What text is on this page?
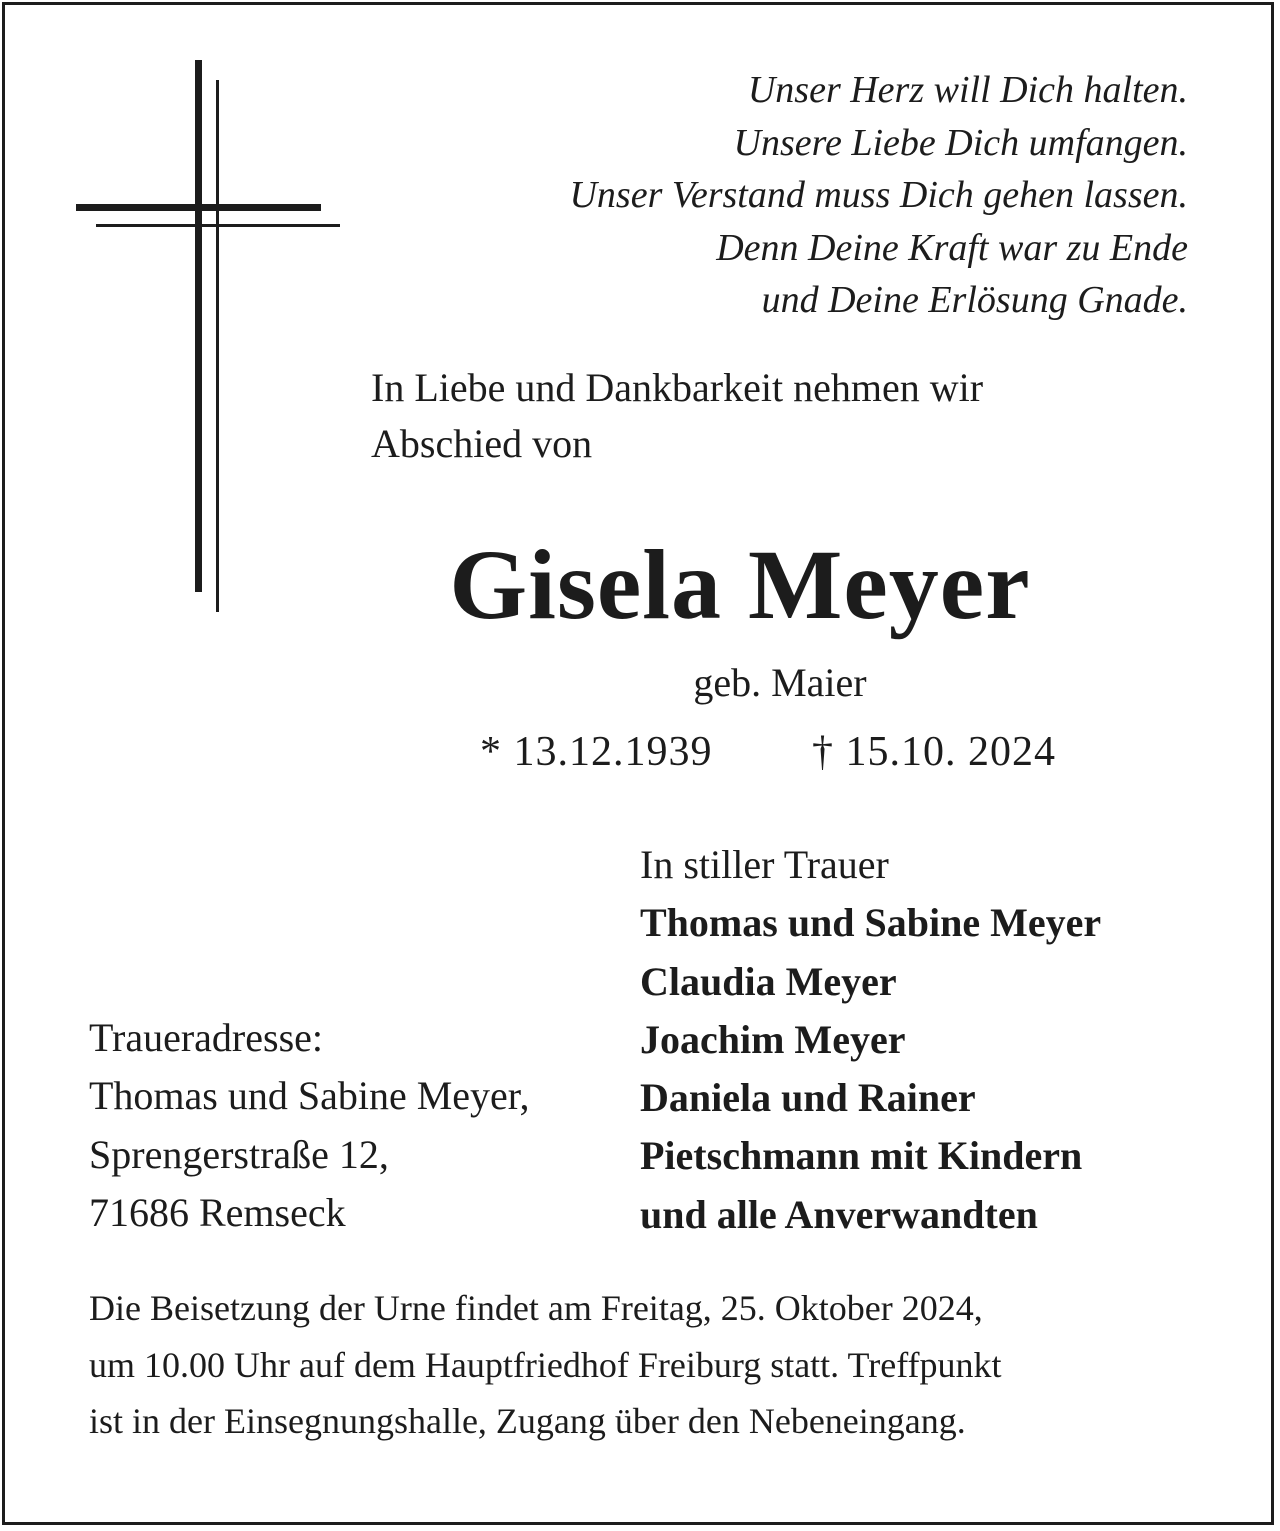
Unser Herz will Dich halten.
Unsere Liebe Dich umfangen.
Unser Verstand muss Dich gehen lassen.
Denn Deine Kraft war zu Ende
und Deine Erlösung Gnade.
In Liebe und Dankbarkeit nehmen wir
Abschied von
Gisela Meyer
geb. Maier
* 13.12.1939 † 15.10. 2024
In stiller Trauer
Thomas und Sabine Meyer
Claudia Meyer
Joachim Meyer
Daniela und Rainer
Pietschmann mit Kindern
und alle Anverwandten
Traueradresse:
Thomas und Sabine Meyer,
Sprengerstraße 12,
71686 Remseck
Die Beisetzung der Urne findet am Freitag, 25. Oktober 2024,
um 10.00 Uhr auf dem Hauptfriedhof Freiburg statt. Treffpunkt
ist in der Einsegnungshalle, Zugang über den Nebeneingang.
